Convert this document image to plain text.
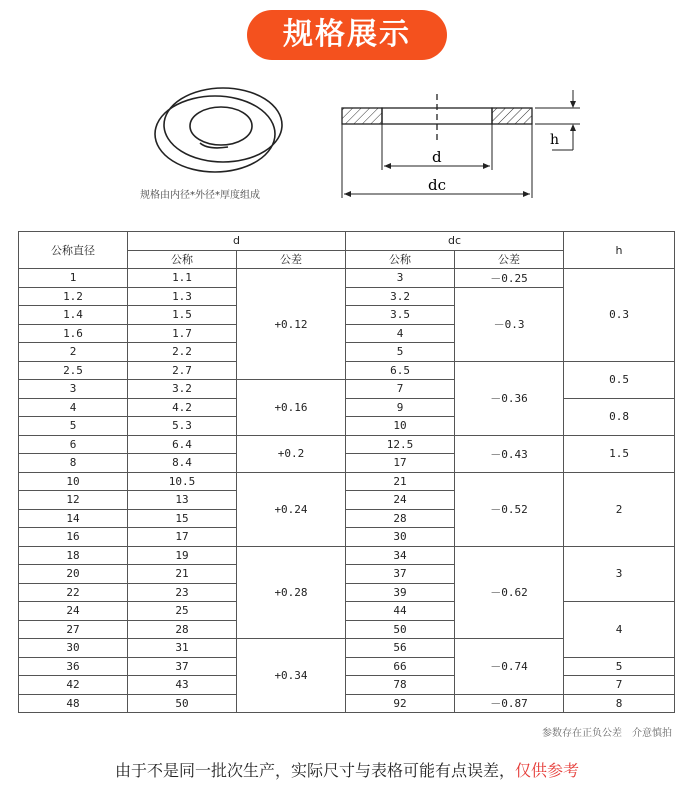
规格展示
规格由内径*外径*厚度组成
d
dc
h
公称直径	d		dc		h
	公称	公差	公称	公差	
1	1.1	+0.12	3	－0.25	0.3
1.2	1.3		3.2	－0.3	
1.4	1.5		3.5		
1.6	1.7		4		
2	2.2		5		
2.5	2.7		6.5	－0.36	0.5
3	3.2	+0.16	7		
4	4.2		9		0.8
5	5.3		10		
6	6.4	+0.2	12.5	－0.43	1.5
8	8.4		17		
10	10.5	+0.24	21	－0.52	2
12	13		24		
14	15		28		
16	17		30		
18	19	+0.28	34	－0.62	3
20	21		37		
22	23		39		
24	25		44		4
27	28		50		
30	31	+0.34	56	－0.74	
36	37		66		5
42	43		78		7
48	50		92	－0.87	8
参数存在正负公差 介意慎拍
由于不是同一批次生产，实际尺寸与表格可能有点误差，仅供参考
